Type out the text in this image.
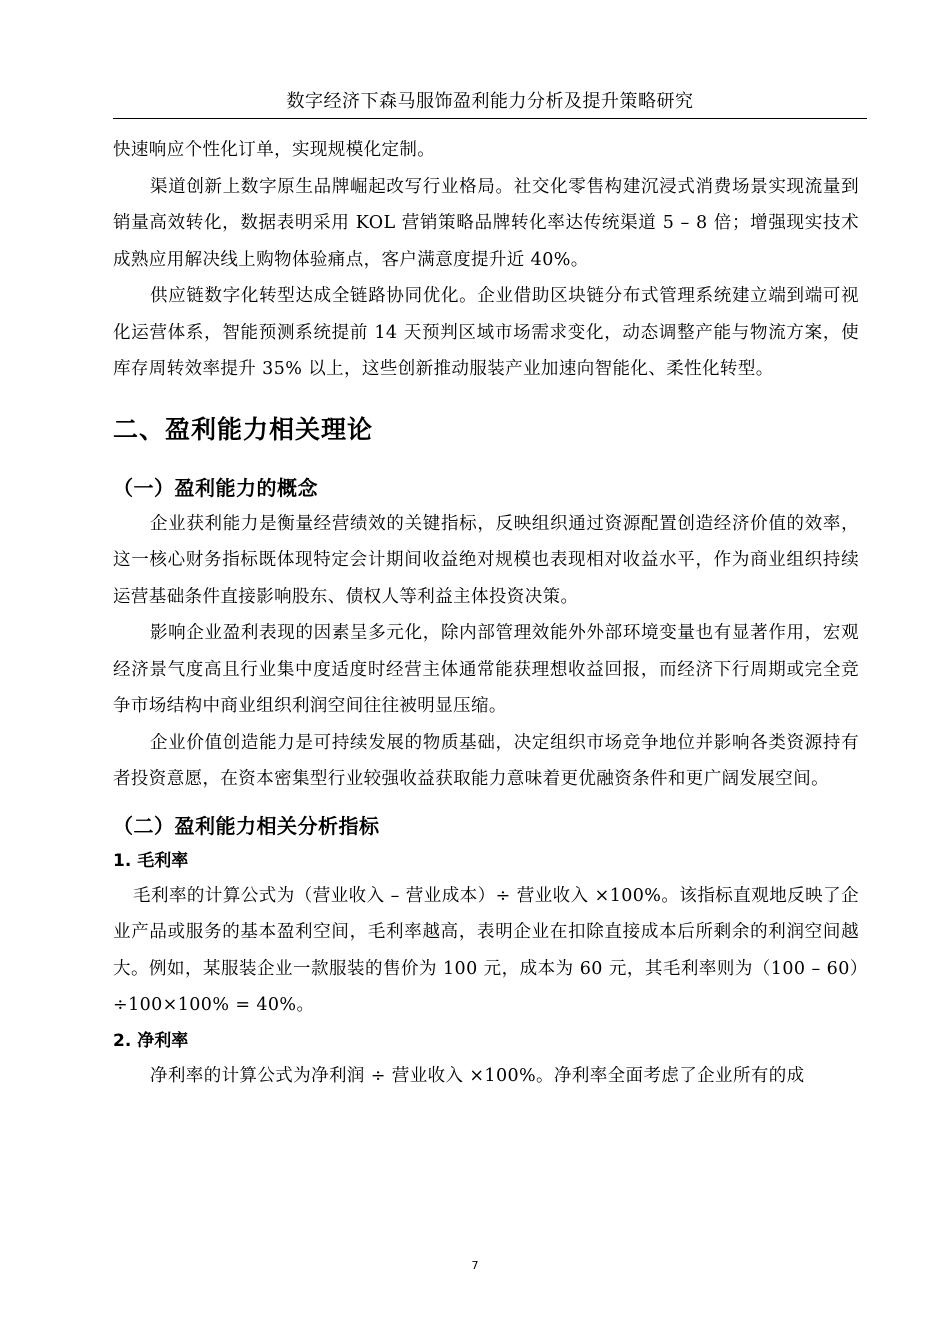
数字经济下森马服饰盈利能力分析及提升策略研究

快速响应个性化订单，实现规模化定制。

渠道创新上数字原生品牌崛起改写行业格局。社交化零售构建沉浸式消费场景实现流量到销量高效转化，数据表明采用 KOL 营销策略品牌转化率达传统渠道 5 – 8 倍；增强现实技术成熟应用解决线上购物体验痛点，客户满意度提升近 40%。

供应链数字化转型达成全链路协同优化。企业借助区块链分布式管理系统建立端到端可视化运营体系，智能预测系统提前 14 天预判区域市场需求变化，动态调整产能与物流方案，使库存周转效率提升 35% 以上，这些创新推动服装产业加速向智能化、柔性化转型。

二、盈利能力相关理论
（一）盈利能力的概念

企业获利能力是衡量经营绩效的关键指标，反映组织通过资源配置创造经济价值的效率，这一核心财务指标既体现特定会计期间收益绝对规模也表现相对收益水平，作为商业组织持续运营基础条件直接影响股东、债权人等利益主体投资决策。

影响企业盈利表现的因素呈多元化，除内部管理效能外外部环境变量也有显著作用，宏观经济景气度高且行业集中度适度时经营主体通常能获理想收益回报，而经济下行周期或完全竞争市场结构中商业组织利润空间往往被明显压缩。

企业价值创造能力是可持续发展的物质基础，决定组织市场竞争地位并影响各类资源持有者投资意愿，在资本密集型行业较强收益获取能力意味着更优融资条件和更广阔发展空间。

（二）盈利能力相关分析指标
1. 毛利率

毛利率的计算公式为（营业收入 – 营业成本）÷ 营业收入 ×100%。该指标直观地反映了企业产品或服务的基本盈利空间，毛利率越高，表明企业在扣除直接成本后所剩余的利润空间越大。例如，某服装企业一款服装的售价为 100 元，成本为 60 元，其毛利率则为（100 – 60）÷100×100% = 40%。

2. 净利率

净利率的计算公式为净利润 ÷ 营业收入 ×100%。净利率全面考虑了企业所有的成

7
